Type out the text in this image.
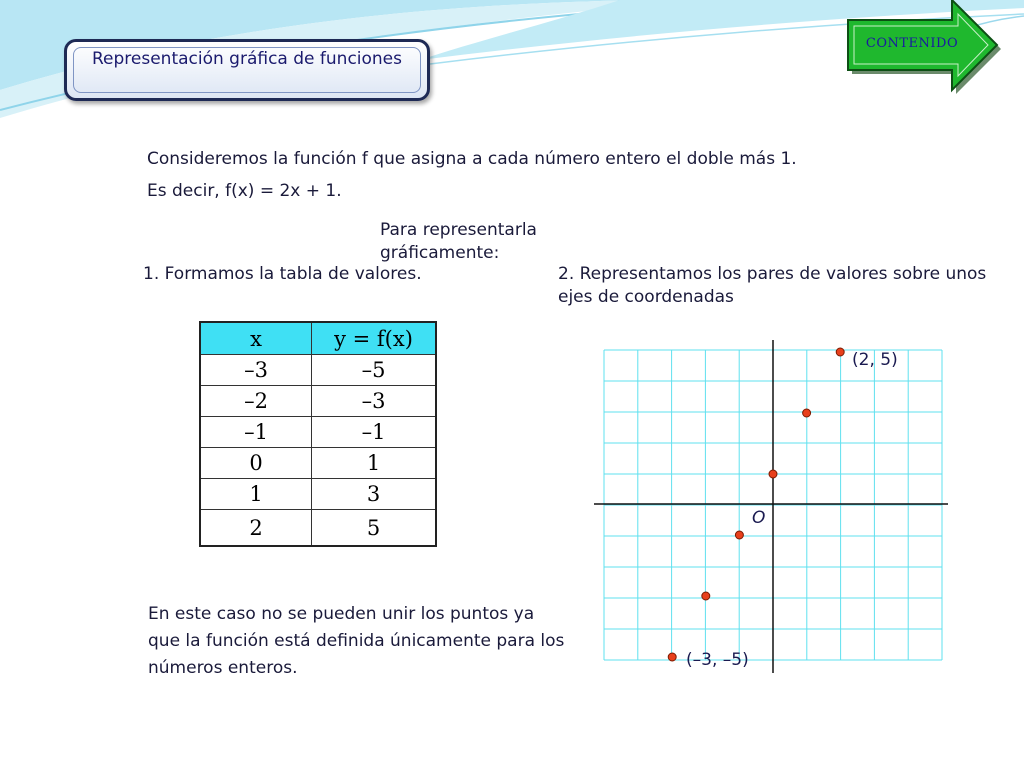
Representación gráfica de funciones
CONTENIDO
Consideremos la función f que asigna a cada número entero el doble más 1.
Es decir, f(x) = 2x + 1.
Para representarla gráficamente:
1. Formamos la tabla de valores.	2. Representamos los pares de valores sobre unos ejes de coordenadas
x	y = f(x)
–3	–5
–2	–3
–1	–1
0	1
1	3
2	5
En este caso no se pueden unir los puntos ya que la función está definida únicamente para los números enteros.
O
(2, 5)
(–3, –5)
